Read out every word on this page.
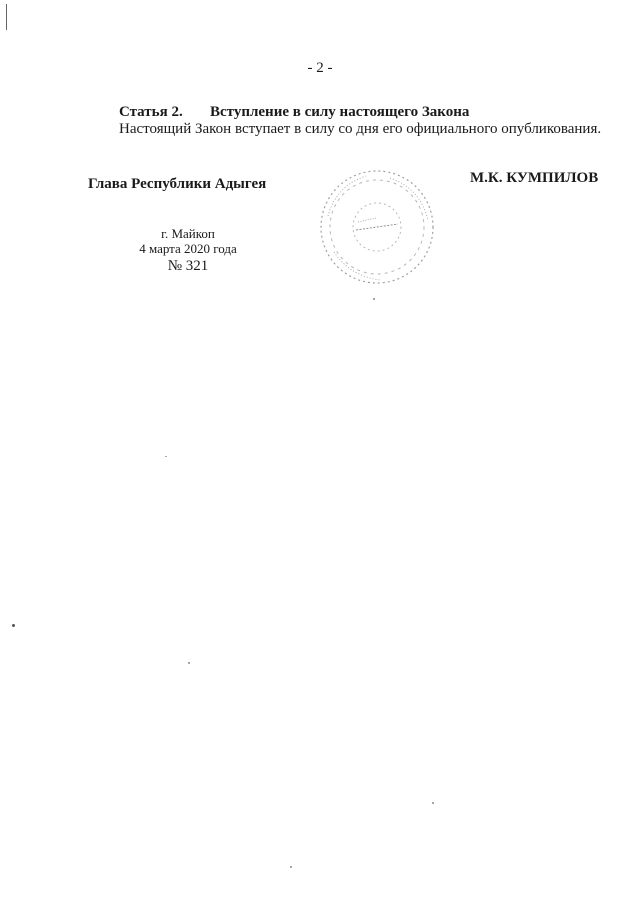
- 2 -
Статья 2. Вступление в силу настоящего Закона
Настоящий Закон вступает в силу со дня его официального опубликования.
Глава Республики Адыгея	М.К. КУМПИЛОВ
г. Майкоп
4 марта 2020 года
№ 321
